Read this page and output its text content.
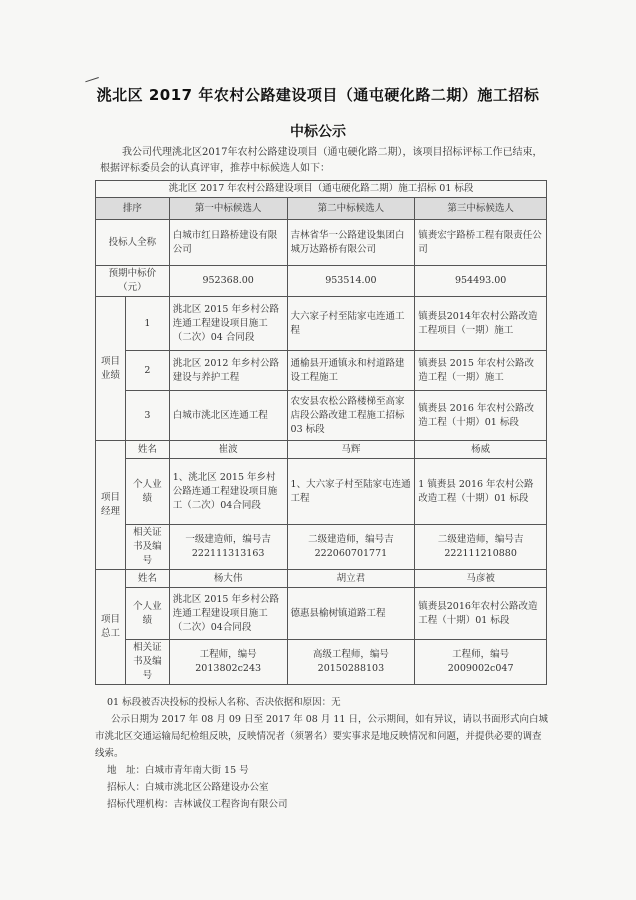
洮北区 2017 年农村公路建设项目（通屯硬化路二期）施工招标
中标公示
我公司代理洮北区2017年农村公路建设项目（通屯硬化路二期），该项目招标评标工作已结束，根据评标委员会的认真评审，推荐中标候选人如下：
洮北区 2017 年农村公路建设项目（通屯硬化路二期）施工招标 01 标段				
排序		第一中标候选人	第二中标候选人	第三中标候选人
投标人全称		白城市红日路桥建设有限公司	吉林省华一公路建设集团白城万达路桥有限公司	镇赉宏宇路桥工程有限责任公司
预期中标价（元）		952368.00	953514.00	954493.00
项目业绩	1	洮北区 2015 年乡村公路连通工程建设项目施工（二次）04 合同段	大六家子村至陆家屯连通工程	镇赉县2014年农村公路改造工程项目（一期）施工
	2	洮北区 2012 年乡村公路建设与养护工程	通榆县开通镇永和村道路建设工程施工	镇赉县 2015 年农村公路改造工程（一期）施工
	3	白城市洮北区连通工程	农安县农松公路楼梯至高家店段公路改建工程施工招标 03 标段	镇赉县 2016 年农村公路改造工程（十期）01 标段
项目经理	姓名	崔波	马辉	杨威
	个人业绩	1、洮北区 2015 年乡村公路连通工程建设项目施工（二次）04合同段	1、大六家子村至陆家屯连通工程	1 镇赉县 2016 年农村公路改造工程（十期）01 标段
	相关证书及编号	一级建造师，编号吉 222111313163	二级建造师，编号吉 222060701771	二级建造师，编号吉 222111210880
项目总工	姓名	杨大伟	胡立君	马彦被
	个人业绩	洮北区 2015 年乡村公路连通工程建设项目施工（二次）04合同段	德惠县榆树镇道路工程	镇赉县2016年农村公路改造工程（十期）01 标段
	相关证书及编号	工程师，编号 2013802c243	高级工程师，编号 20150288103	工程师，编号 2009002c047

01 标段被否决投标的投标人名称、否决依据和原因：无

公示日期为 2017 年 08 月 09 日至 2017 年 08 月 11 日，公示期间，如有异议，请以书面形式向白城市洮北区交通运输局纪检组反映，反映情况者（须署名）要实事求是地反映情况和问题，并提供必要的调查线索。

地　址：白城市青年南大街 15 号

招标人：白城市洮北区公路建设办公室

招标代理机构：吉林诚仪工程咨询有限公司
